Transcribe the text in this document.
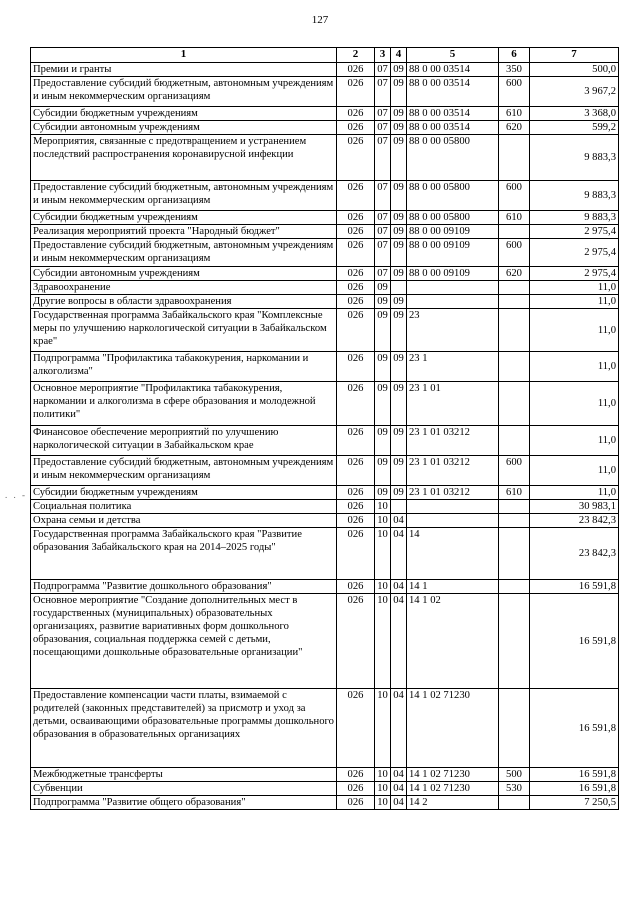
127
. . -
1	2	3	4	5	6	7
Премии и гранты	026	07	09	88 0 00 03514	350	500,0
Предоставление субсидий бюджетным, автономным учреждениям и иным некоммерческим организациям	026	07	09	88 0 00 03514	600	3 967,2
Субсидии бюджетным учреждениям	026	07	09	88 0 00 03514	610	3 368,0
Субсидии автономным учреждениям	026	07	09	88 0 00 03514	620	599,2
Мероприятия, связанные с предотвращением и устранением последствий распространения коронавирусной инфекции	026	07	09	88 0 00 05800		9 883,3
Предоставление субсидий бюджетным, автономным учреждениям и иным некоммерческим организациям	026	07	09	88 0 00 05800	600	9 883,3
Субсидии бюджетным учреждениям	026	07	09	88 0 00 05800	610	9 883,3
Реализация мероприятий проекта "Народный бюджет"	026	07	09	88 0 00 09109		2 975,4
Предоставление субсидий бюджетным, автономным учреждениям и иным некоммерческим организациям	026	07	09	88 0 00 09109	600	2 975,4
Субсидии автономным учреждениям	026	07	09	88 0 00 09109	620	2 975,4
Здравоохранение	026	09				11,0
Другие вопросы в области здравоохранения	026	09	09			11,0
Государственная программа Забайкальского края "Комплексные меры по улучшению наркологической ситуации в Забайкальском крае"	026	09	09	23		11,0
Подпрограмма "Профилактика табакокурения, наркомании и алкоголизма"	026	09	09	23 1		11,0
Основное мероприятие "Профилактика табакокурения, наркомании и алкоголизма в сфере образования и молодежной политики"	026	09	09	23 1 01		11,0
Финансовое обеспечение мероприятий по улучшению наркологической ситуации в Забайкальском крае	026	09	09	23 1 01 03212		11,0
Предоставление субсидий бюджетным, автономным учреждениям и иным некоммерческим организациям	026	09	09	23 1 01 03212	600	11,0
Субсидии бюджетным учреждениям	026	09	09	23 1 01 03212	610	11,0
Социальная политика	026	10				30 983,1
Охрана семьи и детства	026	10	04			23 842,3
Государственная программа Забайкальского края "Развитие образования Забайкальского края на 2014–2025 годы"	026	10	04	14		23 842,3
Подпрограмма "Развитие дошкольного образования"	026	10	04	14 1		16 591,8
Основное мероприятие "Создание дополнительных мест в государственных (муниципальных) образовательных организациях, развитие вариативных форм дошкольного образования, социальная поддержка семей с детьми, посещающими дошкольные образовательные организации"	026	10	04	14 1 02		16 591,8
Предоставление компенсации части платы, взимаемой с родителей (законных представителей) за присмотр и уход за детьми, осваивающими образовательные программы дошкольного образования в образовательных организациях	026	10	04	14 1 02 71230		16 591,8
Межбюджетные трансферты	026	10	04	14 1 02 71230	500	16 591,8
Субвенции	026	10	04	14 1 02 71230	530	16 591,8
Подпрограмма "Развитие общего образования"	026	10	04	14 2		7 250,5
